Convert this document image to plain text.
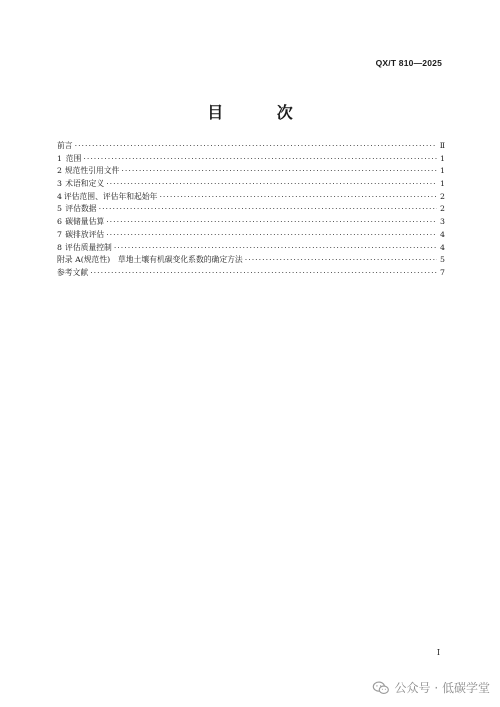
QX/T 810—2025
目 次
前言 ·····	Ⅱ
1 范围 ·····	1
2 规范性引用文件 ·····	1
3 术语和定义 ·····	1
4 评估范围、评估年和起始年 ·····	2
5 评估数据 ·····	2
6 碳储量估算 ·····	3
7 碳排放评估 ·····	4
8 评估质量控制 ·····	4
附录 A(规范性)　草地土壤有机碳变化系数的确定方法 ·····	5
参考文献 ·····	7
I
公众号 · 低碳学堂
